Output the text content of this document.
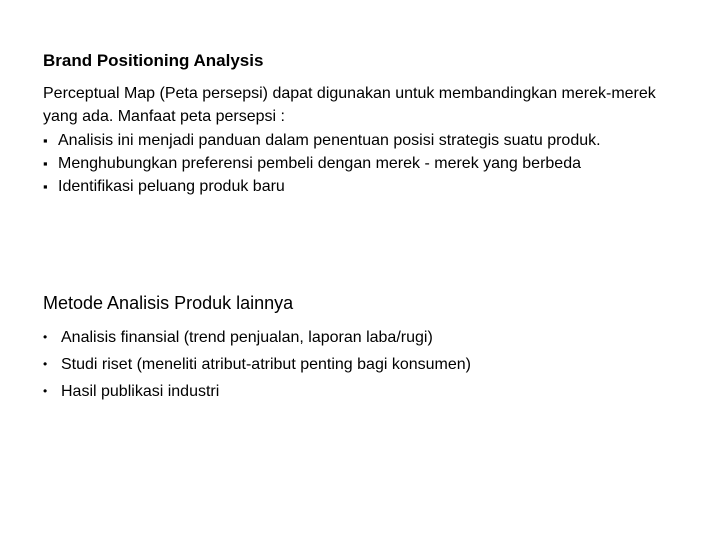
Brand Positioning Analysis

Perceptual Map (Peta persepsi) dapat digunakan untuk membandingkan merek-merek yang ada. Manfaat peta persepsi :

▪ Analisis ini menjadi panduan dalam penentuan posisi strategis suatu produk.
▪ Menghubungkan preferensi pembeli dengan merek - merek yang berbeda
▪ Identifikasi peluang produk baru
Metode Analisis Produk lainnya
• Analisis finansial (trend penjualan, laporan laba/rugi)
• Studi riset (meneliti atribut-atribut penting bagi konsumen)
• Hasil publikasi industri
